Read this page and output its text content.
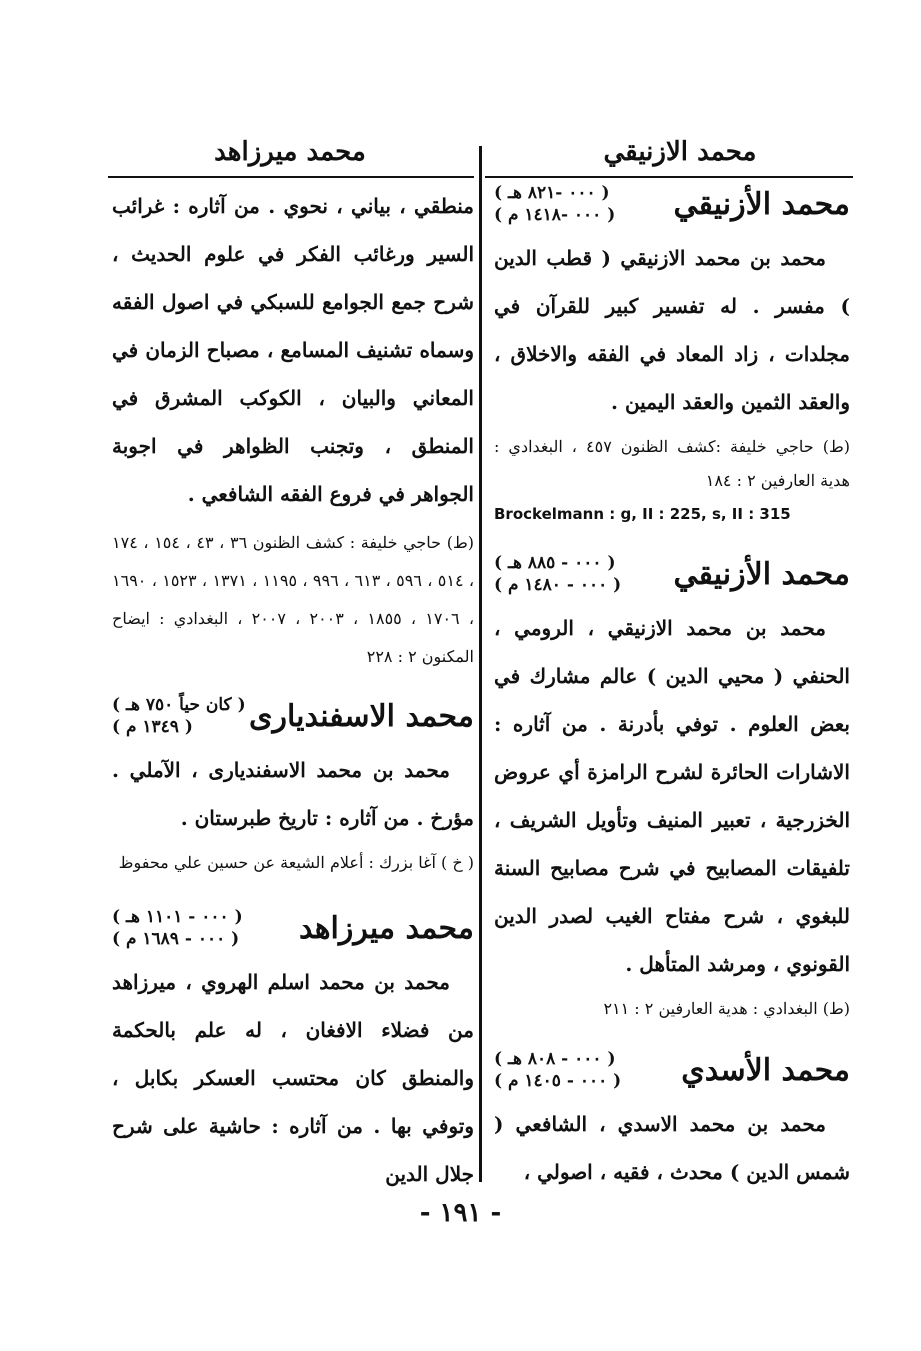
محمد الازنيقي
محمد ميرزاهد
محمد الأزنيقي
( ٠٠٠ -٨٢١ هـ )
( ٠٠٠ -١٤١٨ م )

محمد بن محمد الازنيقي ( قطب الدين ) مفسر . له تفسير كبير للقرآن في مجلدات ، زاد المعاد في الفقه والاخلاق ، والعقد الثمين والعقد اليمين .

(ط) حاجي خليفة :كشف الظنون ٤٥٧ ، البغدادي : هدية العارفين ٢ : ١٨٤

Brockelmann : g, II : 225, s, II : 315

محمد الأزنيقي
( ٠٠٠ - ٨٨٥ هـ )
( ٠٠٠ - ١٤٨٠ م )

محمد بن محمد الازنيقي ، الرومي ، الحنفي ( محيي الدين ) عالم مشارك في بعض العلوم . توفي بأدرنة . من آثاره : الاشارات الحائرة لشرح الرامزة أي عروض الخزرجية ، تعبير المنيف وتأويل الشريف ، تلفيقات المصابيح في شرح مصابيح السنة للبغوي ، شرح مفتاح الغيب لصدر الدين القونوي ، ومرشد المتأهل .

(ط) البغدادي : هدية العارفين ٢ : ٢١١

محمد الأسدي
( ٠٠٠ - ٨٠٨ هـ )
( ٠٠٠ - ١٤٠٥ م )

محمد بن محمد الاسدي ، الشافعي ( شمس الدين ) محدث ، فقيه ، اصولي ،

منطقي ، بياني ، نحوي . من آثاره : غرائب السير ورغائب الفكر في علوم الحديث ، شرح جمع الجوامع للسبكي في اصول الفقه وسماه تشنيف المسامع ، مصباح الزمان في المعاني والبيان ، الكوكب المشرق في المنطق ، وتجنب الظواهر في اجوبة الجواهر في فروع الفقه الشافعي .

(ط) حاجي خليفة : كشف الظنون ٣٦ ، ٤٣ ، ١٥٤ ، ١٧٤ ، ٥١٤ ، ٥٩٦ ، ٦١٣ ، ٩٩٦ ، ١١٩٥ ، ١٣٧١ ، ١٥٢٣ ، ١٦٩٠ ، ١٧٠٦ ، ١٨٥٥ ، ٢٠٠٣ ، ٢٠٠٧ ، البغدادي : ايضاح المكنون ٢ : ٢٢٨

محمد الاسفنديارى
( كان حياً ٧٥٠ هـ )
( ١٣٤٩ م )

محمد بن محمد الاسفنديارى ، الآملي . مؤرخ . من آثاره : تاريخ طبرستان .

( خ ) آغا بزرك : أعلام الشيعة عن حسين علي محفوظ

محمد ميرزاهد
( ٠٠٠ - ١١٠١ هـ )
( ٠٠٠ - ١٦٨٩ م )

محمد بن محمد اسلم الهروي ، ميرزاهد من فضلاء الافغان ، له علم بالحكمة والمنطق كان محتسب العسكر بكابل ، وتوفي بها . من آثاره : حاشية على شرح جلال الدين

- ١٩١ -
